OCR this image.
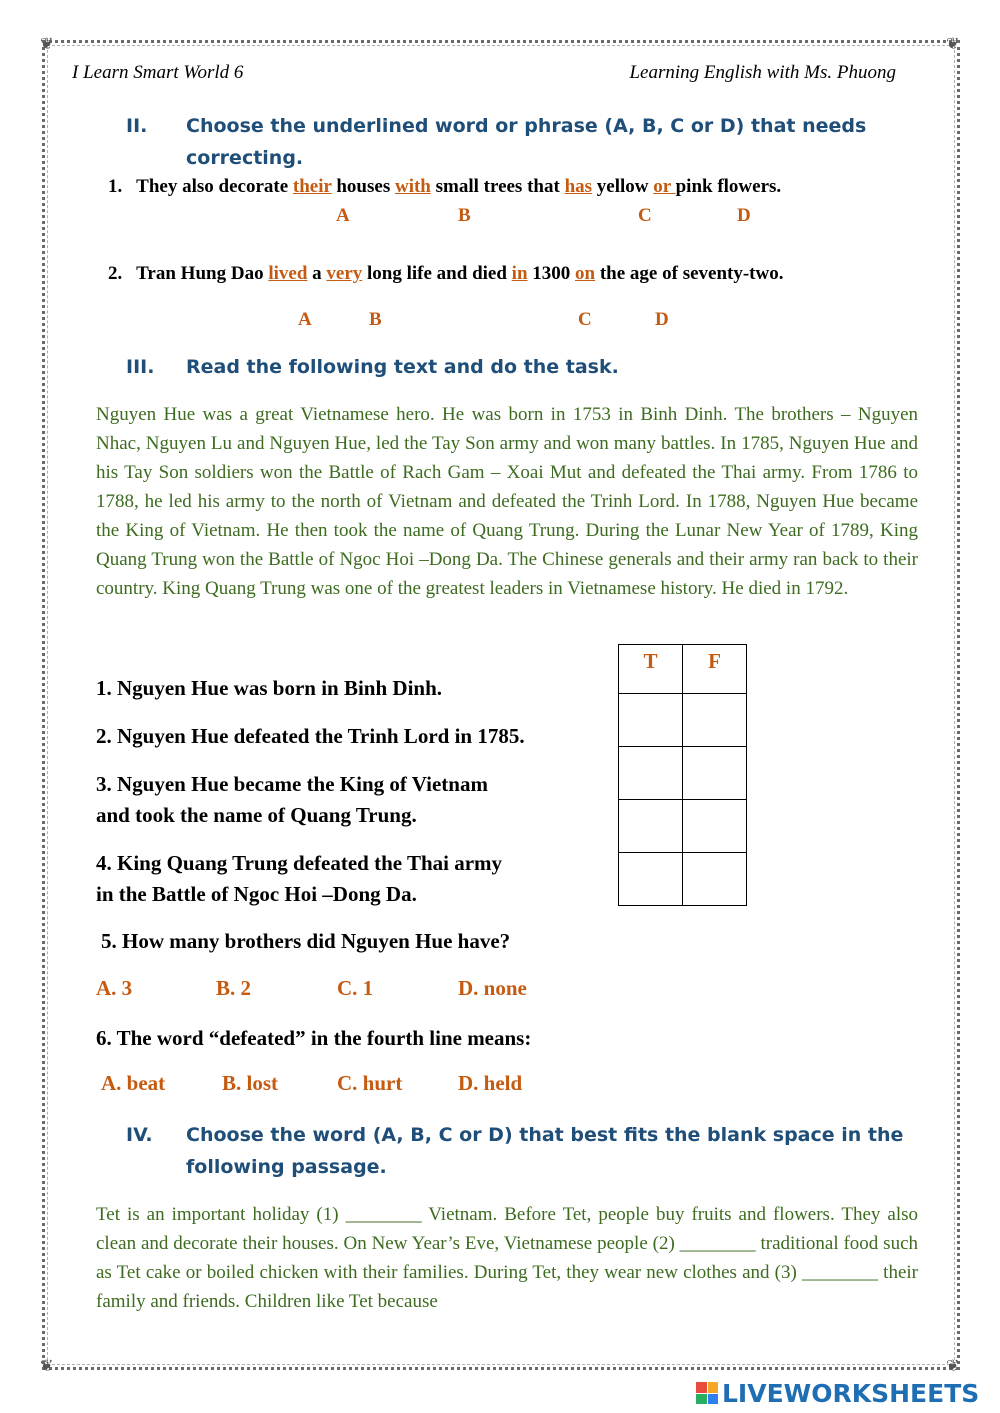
❦	❦
❦	❦
I Learn Smart World 6	Learning English with Ms. Phuong
II.	Choose the underlined word or phrase (A, B, C or D) that needs correcting.
1. They also decorate their houses with small trees that has yellow or pink flowers.
A	B	C	D
2. Tran Hung Dao lived a very long life and died in 1300 on the age of seventy-two.
A	B	C	D
III.	Read the following text and do the task.

Nguyen Hue was a great Vietnamese hero. He was born in 1753 in Binh Dinh. The brothers – Nguyen Nhac, Nguyen Lu and Nguyen Hue, led the Tay Son army and won many battles. In 1785, Nguyen Hue and his Tay Son soldiers won the Battle of Rach Gam – Xoai Mut and defeated the Thai army. From 1786 to 1788, he led his army to the north of Vietnam and defeated the Trinh Lord. In 1788, Nguyen Hue became the King of Vietnam. He then took the name of Quang Trung. During the Lunar New Year of 1789, King Quang Trung won the Battle of Ngoc Hoi –Dong Da. The Chinese generals and their army ran back to their country. King Quang Trung was one of the greatest leaders in Vietnamese history. He died in 1792.

T	F

1. Nguyen Hue was born in Binh Dinh.
2. Nguyen Hue defeated the Trinh Lord in 1785.
3. Nguyen Hue became the King of Vietnam
and took the name of Quang Trung.
4. King Quang Trung defeated the Thai army
in the Battle of Ngoc Hoi –Dong Da.
5. How many brothers did Nguyen Hue have?
A. 3	B. 2	C. 1	D. none
6. The word “defeated” in the fourth line means:
A. beat	B. lost	C. hurt	D. held
IV.	Choose the word (A, B, C or D) that best fits the blank space in the following passage.

Tet is an important holiday (1) ________ Vietnam. Before Tet, people buy fruits and flowers. They also clean and decorate their houses. On New Year’s Eve, Vietnamese people (2) ________ traditional food such as Tet cake or boiled chicken with their families. During Tet, they wear new clothes and (3) ________ their family and friends. Children like Tet because

LIVEWORKSHEETS
